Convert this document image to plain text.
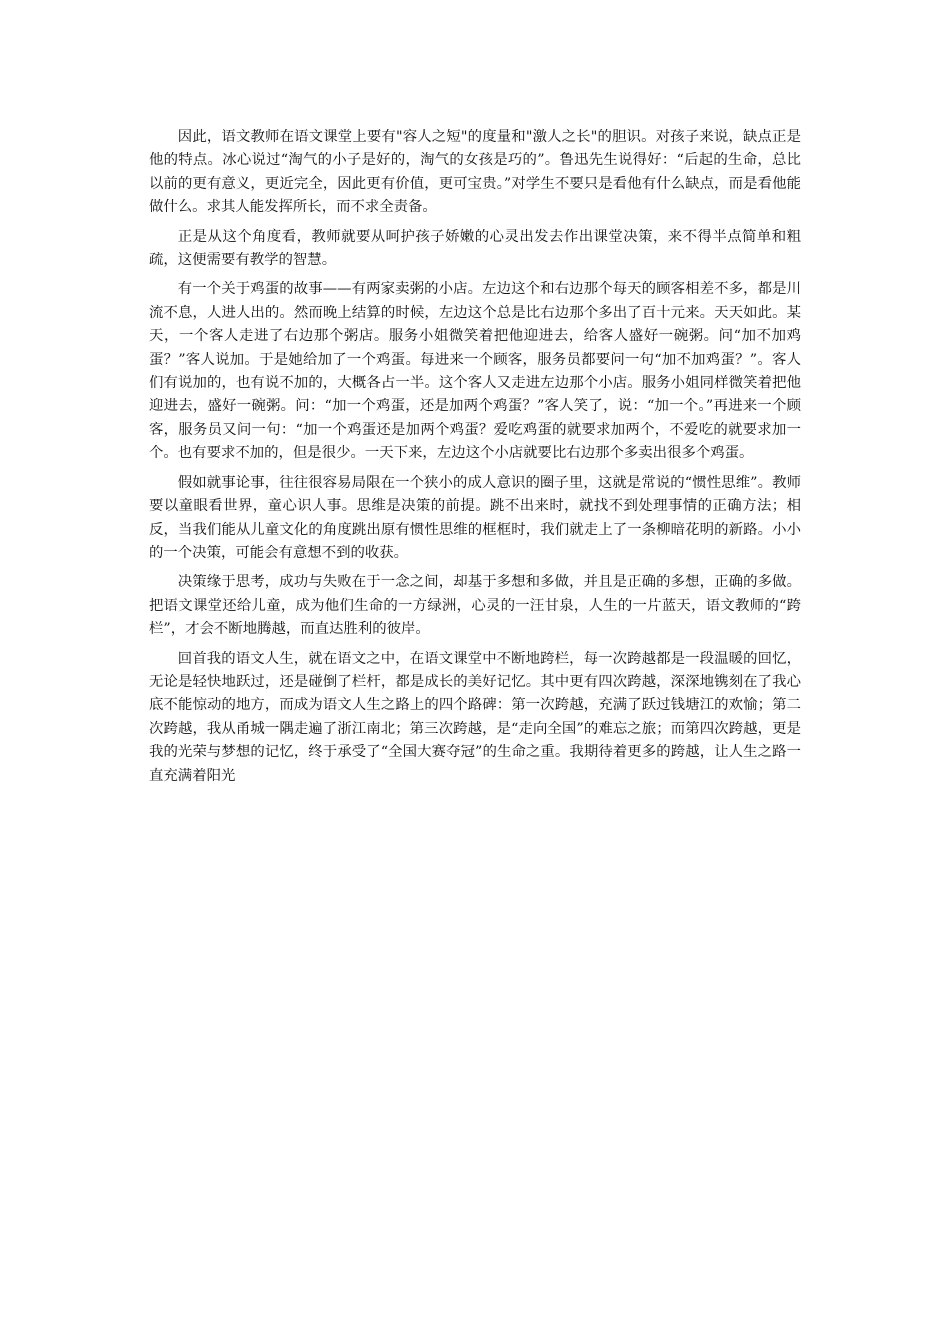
因此，语文教师在语文课堂上要有"容人之短"的度量和"激人之长"的胆识。对孩子来说，缺点正是他的特点。冰心说过“淘气的小子是好的，淘气的女孩是巧的”。鲁迅先生说得好：“后起的生命，总比以前的更有意义，更近完全，因此更有价值，更可宝贵。”对学生不要只是看他有什么缺点，而是看他能做什么。求其人能发挥所长，而不求全责备。

正是从这个角度看，教师就要从呵护孩子娇嫩的心灵出发去作出课堂决策，来不得半点简单和粗疏，这便需要有教学的智慧。

有一个关于鸡蛋的故事——有两家卖粥的小店。左边这个和右边那个每天的顾客相差不多，都是川流不息，人进人出的。然而晚上结算的时候，左边这个总是比右边那个多出了百十元来。天天如此。某天，一个客人走进了右边那个粥店。服务小姐微笑着把他迎进去，给客人盛好一碗粥。问“加不加鸡蛋？”客人说加。于是她给加了一个鸡蛋。每进来一个顾客，服务员都要问一句“加不加鸡蛋？”。客人们有说加的，也有说不加的，大概各占一半。这个客人又走进左边那个小店。服务小姐同样微笑着把他迎进去，盛好一碗粥。问：“加一个鸡蛋，还是加两个鸡蛋？”客人笑了，说：“加一个。”再进来一个顾客，服务员又问一句：“加一个鸡蛋还是加两个鸡蛋？爱吃鸡蛋的就要求加两个，不爱吃的就要求加一个。也有要求不加的，但是很少。一天下来，左边这个小店就要比右边那个多卖出很多个鸡蛋。

假如就事论事，往往很容易局限在一个狭小的成人意识的圈子里，这就是常说的“惯性思维”。教师要以童眼看世界，童心识人事。思维是决策的前提。跳不出来时，就找不到处理事情的正确方法；相反，当我们能从儿童文化的角度跳出原有惯性思维的框框时，我们就走上了一条柳暗花明的新路。小小的一个决策，可能会有意想不到的收获。

决策缘于思考，成功与失败在于一念之间，却基于多想和多做，并且是正确的多想，正确的多做。把语文课堂还给儿童，成为他们生命的一方绿洲，心灵的一汪甘泉，人生的一片蓝天，语文教师的“跨栏”，才会不断地腾越，而直达胜利的彼岸。

回首我的语文人生，就在语文之中，在语文课堂中不断地跨栏，每一次跨越都是一段温暖的回忆，无论是轻快地跃过，还是碰倒了栏杆，都是成长的美好记忆。其中更有四次跨越，深深地镌刻在了我心底不能惊动的地方，而成为语文人生之路上的四个路碑：第一次跨越，充满了跃过钱塘江的欢愉；第二次跨越，我从甬城一隅走遍了浙江南北；第三次跨越，是“走向全国”的难忘之旅；而第四次跨越，更是我的光荣与梦想的记忆，终于承受了“全国大赛夺冠”的生命之重。我期待着更多的跨越，让人生之路一直充满着阳光
